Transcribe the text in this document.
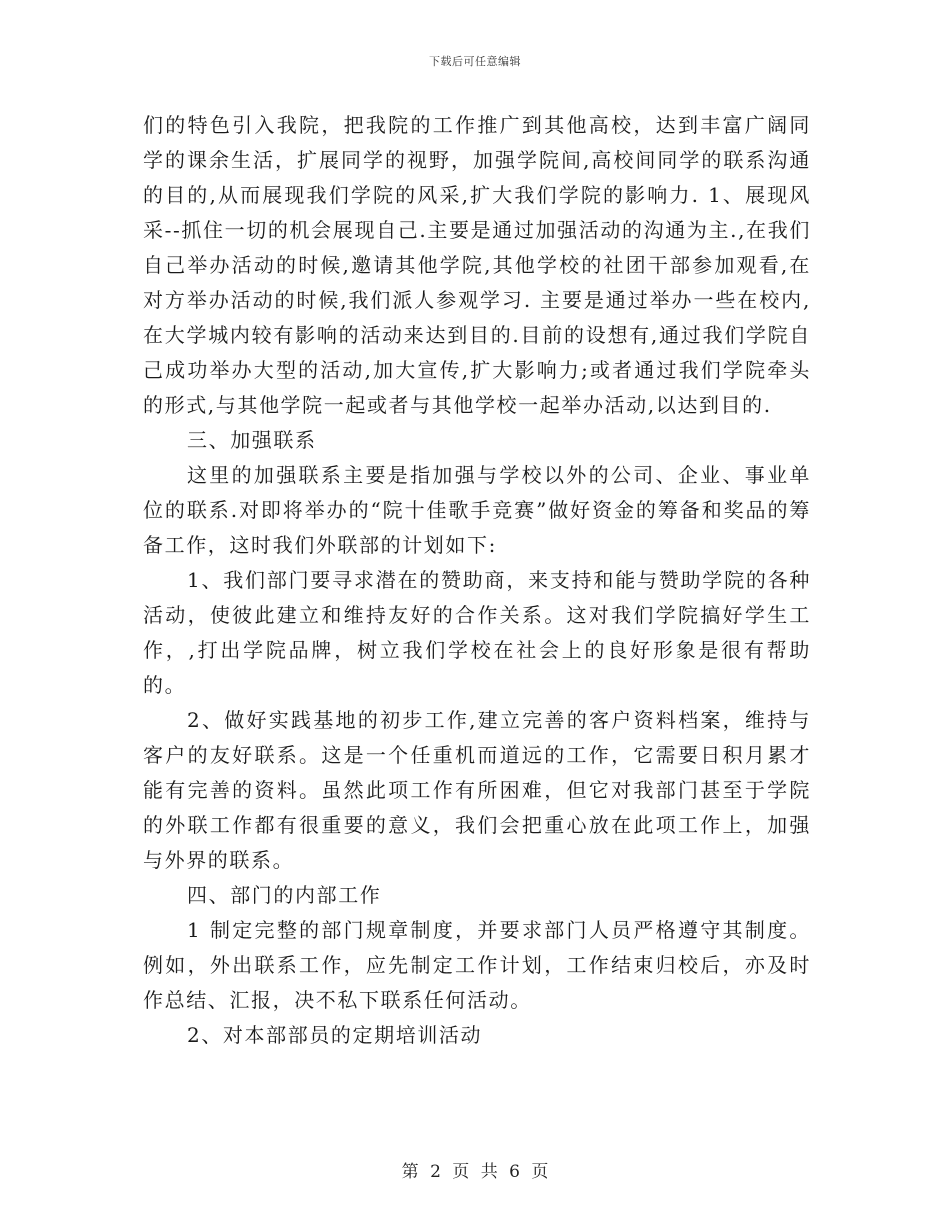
下载后可任意编辑

们的特色引入我院，把我院的工作推广到其他高校，达到丰富广阔同学的课余生活，扩展同学的视野，加强学院间,高校间同学的联系沟通的目的,从而展现我们学院的风采,扩大我们学院的影响力. 1、展现风采--抓住一切的机会展现自己.主要是通过加强活动的沟通为主.,在我们自己举办活动的时候,邀请其他学院,其他学校的社团干部参加观看,在对方举办活动的时候,我们派人参观学习. 主要是通过举办一些在校内,在大学城内较有影响的活动来达到目的.目前的设想有,通过我们学院自己成功举办大型的活动,加大宣传,扩大影响力;或者通过我们学院牵头的形式,与其他学院一起或者与其他学校一起举办活动,以达到目的.

三、加强联系

这里的加强联系主要是指加强与学校以外的公司、企业、事业单位的联系.对即将举办的“院十佳歌手竞赛”做好资金的筹备和奖品的筹备工作，这时我们外联部的计划如下:

1、我们部门要寻求潜在的赞助商，来支持和能与赞助学院的各种活动，使彼此建立和维持友好的合作关系。这对我们学院搞好学生工作，,打出学院品牌，树立我们学校在社会上的良好形象是很有帮助的。

2、做好实践基地的初步工作,建立完善的客户资料档案，维持与客户的友好联系。这是一个任重机而道远的工作，它需要日积月累才能有完善的资料。虽然此项工作有所困难，但它对我部门甚至于学院的外联工作都有很重要的意义，我们会把重心放在此项工作上，加强与外界的联系。

四、部门的内部工作

1 制定完整的部门规章制度，并要求部门人员严格遵守其制度。例如，外出联系工作，应先制定工作计划，工作结束归校后，亦及时作总结、汇报，决不私下联系任何活动。

2、对本部部员的定期培训活动

第 2 页 共 6 页
